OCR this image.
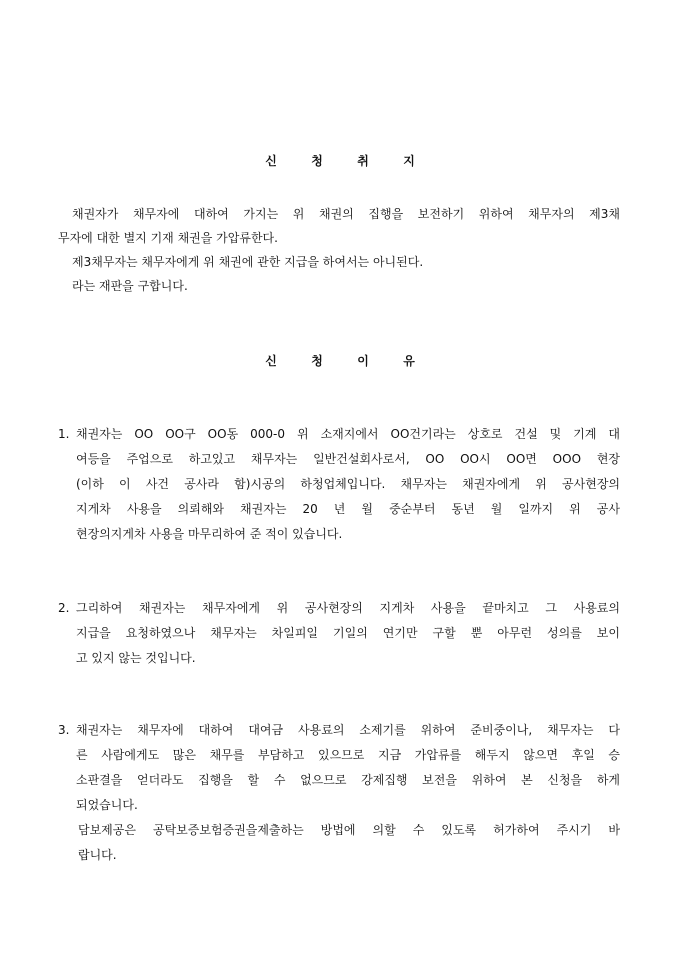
신	청	취	지
채권자가 채무자에 대하여 가지는 위 채권의 집행을 보전하기 위하여 채무자의 제3채
무자에 대한 별지 기재 채권을 가압류한다.
제3채무자는 채무자에게 위 채권에 관한 지급을 하여서는 아니된다.
라는 재판을 구합니다.
신	청	이	유
1. 채권자는 OO OO구 OO동 000-0 위 소재지에서 OO건기라는 상호로 건설 및 기계 대
여등을 주업으로 하고있고 채무자는 일반건설회사로서, OO OO시 OO면 OOO 현장
(이하 이 사건 공사라 함)시공의 하청업체입니다. 채무자는 채권자에게 위 공사현장의
지게차 사용을 의뢰해와 채권자는 20 년 월 중순부터 동년 월 일까지 위 공사
현장의지게차 사용을 마무리하여 준 적이 있습니다.
2. 그리하여 채권자는 채무자에게 위 공사현장의 지게차 사용을 끝마치고 그 사용료의
지급을 요청하였으나 채무자는 차일피일 기일의 연기만 구할 뿐 아무런 성의를 보이
고 있지 않는 것입니다.
3. 채권자는 채무자에 대하여 대여금 사용료의 소제기를 위하여 준비중이나, 채무자는 다
른 사람에게도 많은 채무를 부담하고 있으므로 지금 가압류를 해두지 않으면 후일 승
소판결을 얻더라도 집행을 할 수 없으므로 강제집행 보전을 위하여 본 신청을 하게
되었습니다.
담보제공은 공탁보증보험증권을제출하는 방법에 의할 수 있도록 허가하여 주시기 바
랍니다.
